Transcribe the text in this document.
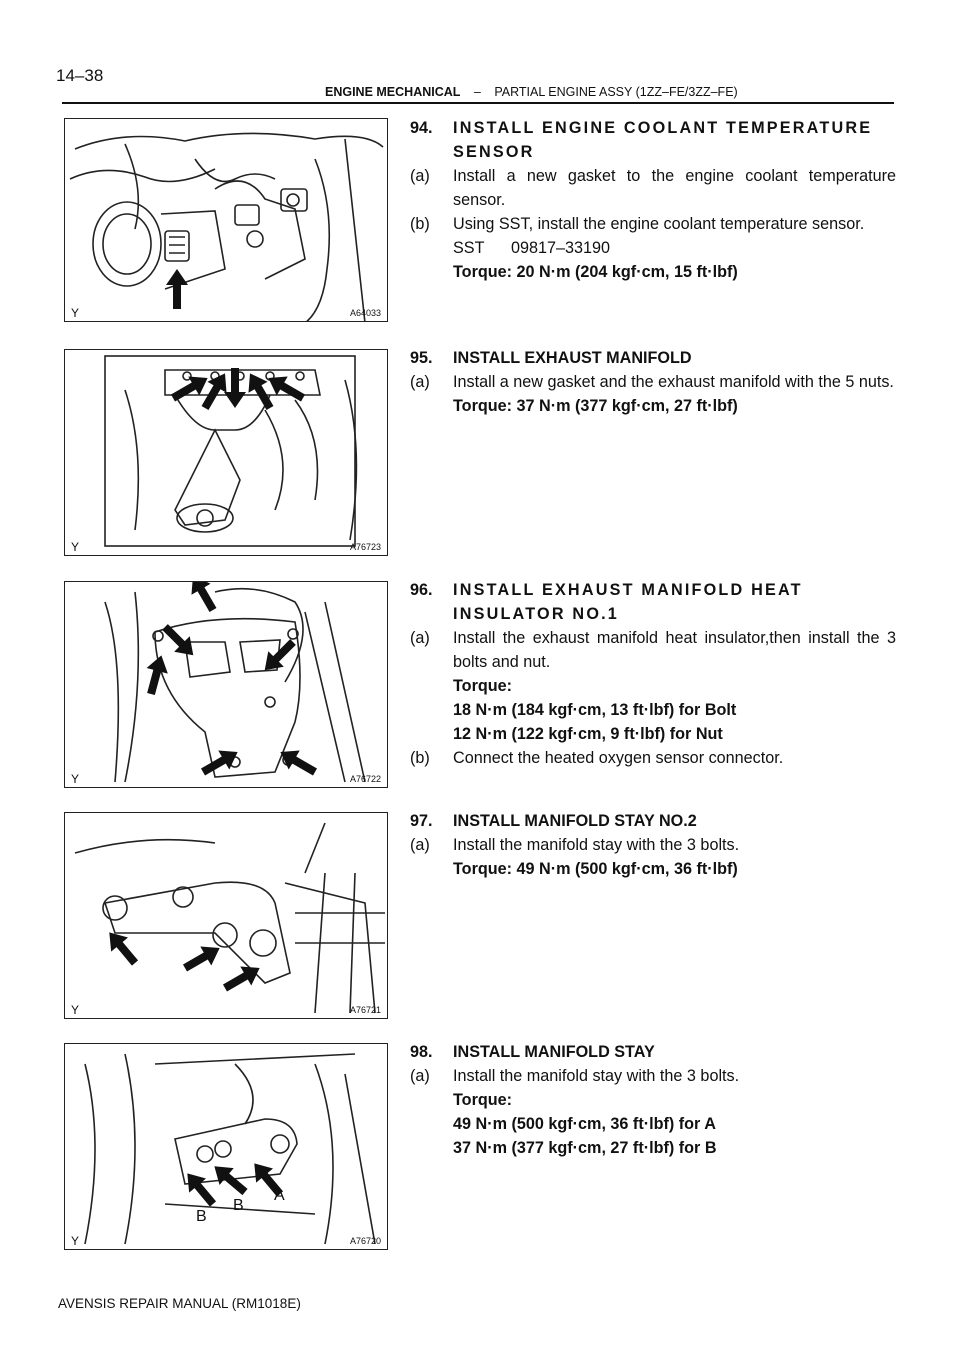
14–38
ENGINE MECHANICAL – PARTIAL ENGINE ASSY (1ZZ–FE/3ZZ–FE)
Y	A64033
Y	A76723
Y	A76722
Y	A76721
B
B
A
Y	A76720
94.	INSTALL ENGINE COOLANT TEMPERATURE SENSOR
(a)	Install a new gasket to the engine coolant temperature sensor.
(b)	Using SST, install the engine coolant temperature sensor.
SST	09817–33190
Torque: 20 N·m (204 kgf·cm, 15 ft·lbf)
95.	INSTALL EXHAUST MANIFOLD
(a)	Install a new gasket and the exhaust manifold with the 5 nuts.
Torque: 37 N·m (377 kgf·cm, 27 ft·lbf)
96.	INSTALL EXHAUST MANIFOLD HEAT INSULATOR NO.1
(a)	Install the exhaust manifold heat insulator,then install the 3 bolts and nut.
Torque:
18 N·m (184 kgf·cm, 13 ft·lbf) for Bolt
12 N·m (122 kgf·cm, 9 ft·lbf) for Nut
(b)	Connect the heated oxygen sensor connector.
97.	INSTALL MANIFOLD STAY NO.2
(a)	Install the manifold stay with the 3 bolts.
Torque: 49 N·m (500 kgf·cm, 36 ft·lbf)
98.	INSTALL MANIFOLD STAY
(a)	Install the manifold stay with the 3 bolts.
Torque:
49 N·m (500 kgf·cm, 36 ft·lbf) for A
37 N·m (377 kgf·cm, 27 ft·lbf) for B
AVENSIS REPAIR MANUAL (RM1018E)
